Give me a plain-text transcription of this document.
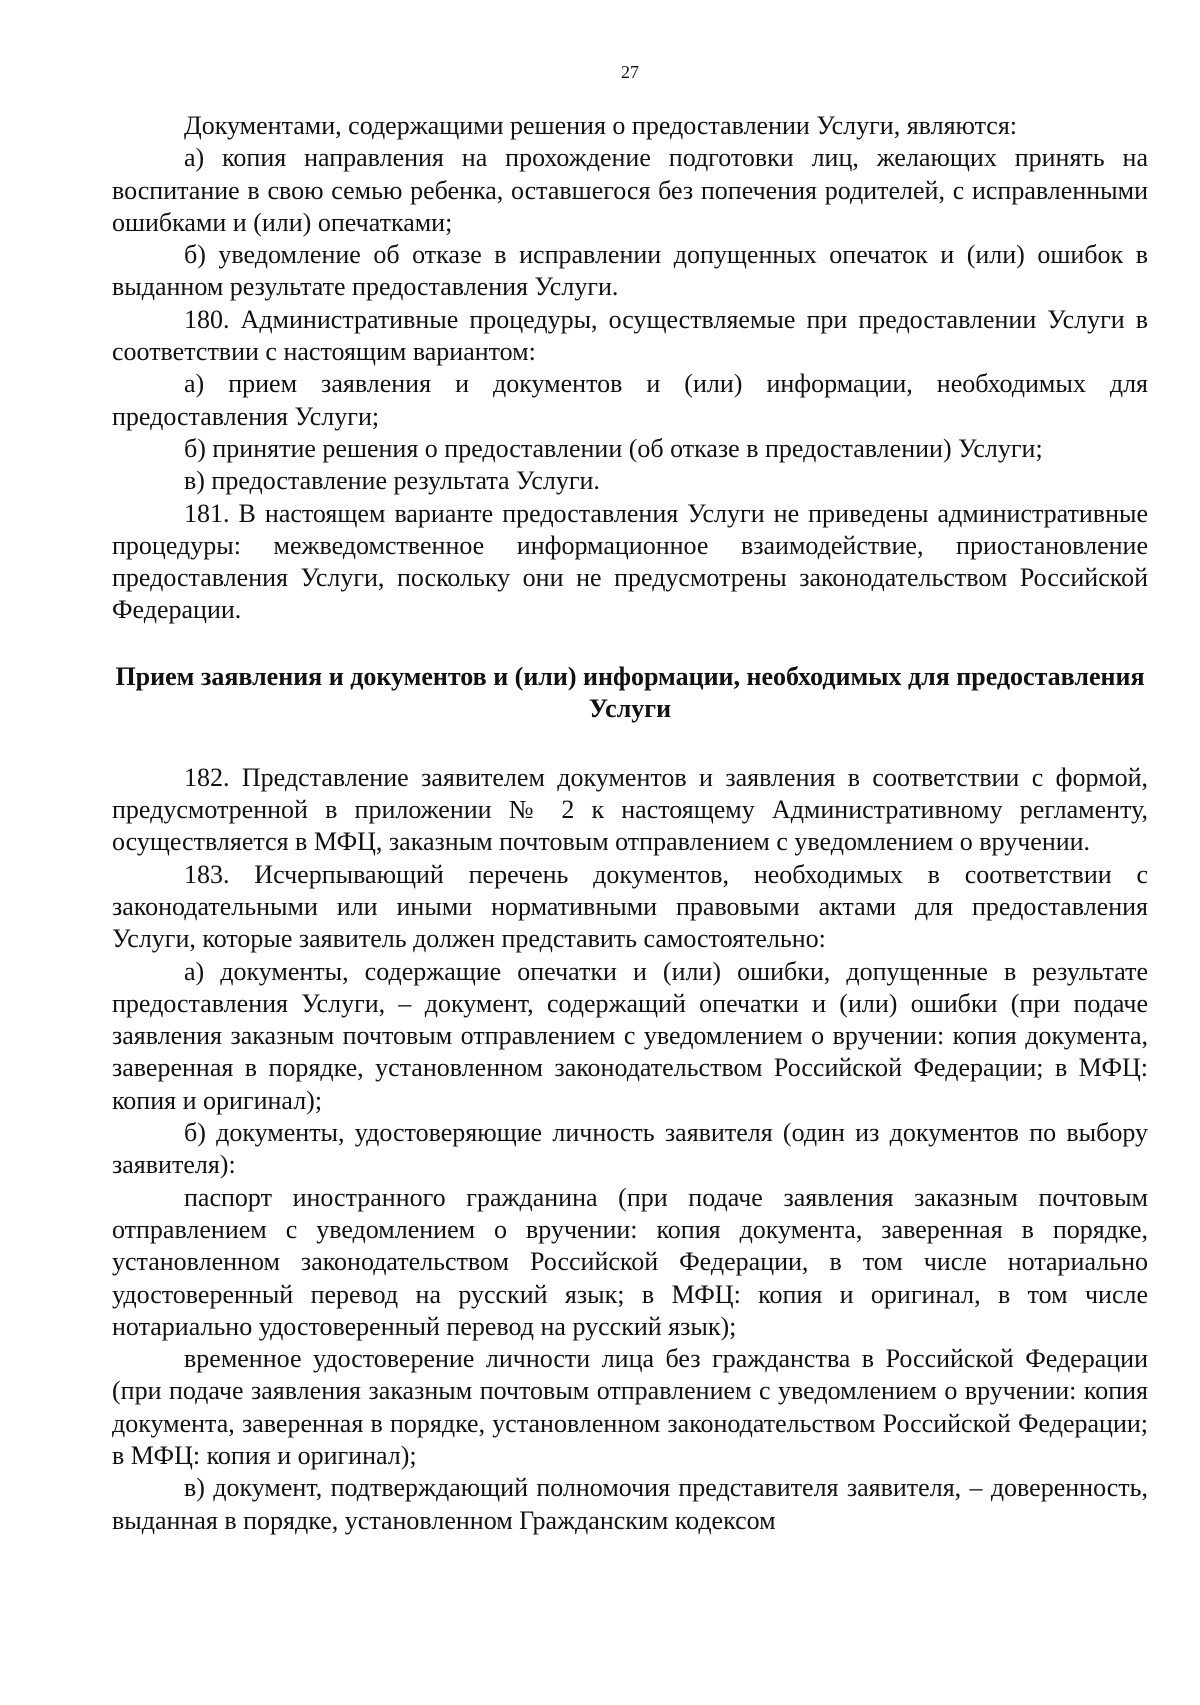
27

Документами, содержащими решения о предоставлении Услуги, являются:

а) копия направления на прохождение подготовки лиц, желающих принять на воспитание в свою семью ребенка, оставшегося без попечения родителей, с исправленными ошибками и (или) опечатками;

б) уведомление об отказе в исправлении допущенных опечаток и (или) ошибок в выданном результате предоставления Услуги.

180. Административные процедуры, осуществляемые при предоставлении Услуги в соответствии с настоящим вариантом:

а) прием заявления и документов и (или) информации, необходимых для предоставления Услуги;

б) принятие решения о предоставлении (об отказе в предоставлении) Услуги;

в) предоставление результата Услуги.

181. В настоящем варианте предоставления Услуги не приведены административные процедуры: межведомственное информационное взаимодействие, приостановление предоставления Услуги, поскольку они не предусмотрены законодательством Российской Федерации.

Прием заявления и документов и (или) информации, необходимых для предоставления Услуги

182. Представление заявителем документов и заявления в соответствии с формой, предусмотренной в приложении № 2 к настоящему Административному регламенту, осуществляется в МФЦ, заказным почтовым отправлением с уведомлением о вручении.

183. Исчерпывающий перечень документов, необходимых в соответствии с законодательными или иными нормативными правовыми актами для предоставления Услуги, которые заявитель должен представить самостоятельно:

а) документы, содержащие опечатки и (или) ошибки, допущенные в результате предоставления Услуги, – документ, содержащий опечатки и (или) ошибки (при подаче заявления заказным почтовым отправлением с уведомлением о вручении: копия документа, заверенная в порядке, установленном законодательством Российской Федерации; в МФЦ: копия и оригинал);

б) документы, удостоверяющие личность заявителя (один из документов по выбору заявителя):

паспорт иностранного гражданина (при подаче заявления заказным почтовым отправлением с уведомлением о вручении: копия документа, заверенная в порядке, установленном законодательством Российской Федерации, в том числе нотариально удостоверенный перевод на русский язык; в МФЦ: копия и оригинал, в том числе нотариально удостоверенный перевод на русский язык);

временное удостоверение личности лица без гражданства в Российской Федерации (при подаче заявления заказным почтовым отправлением с уведомлением о вручении: копия документа, заверенная в порядке, установленном законодательством Российской Федерации; в МФЦ: копия и оригинал);

в) документ, подтверждающий полномочия представителя заявителя, – доверенность, выданная в порядке, установленном Гражданским кодексом
